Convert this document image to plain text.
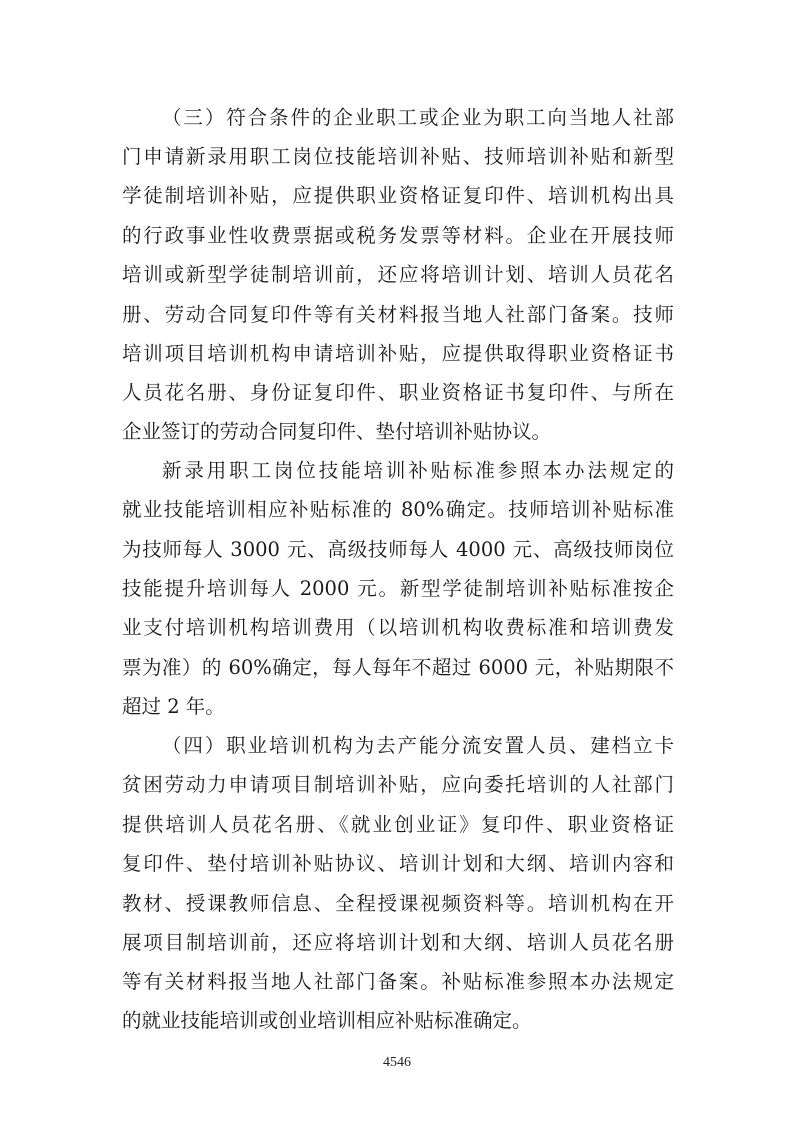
（三）符合条件的企业职工或企业为职工向当地人社部
门申请新录用职工岗位技能培训补贴、技师培训补贴和新型
学徒制培训补贴，应提供职业资格证复印件、培训机构出具
的行政事业性收费票据或税务发票等材料。企业在开展技师
培训或新型学徒制培训前，还应将培训计划、培训人员花名
册、劳动合同复印件等有关材料报当地人社部门备案。技师
培训项目培训机构申请培训补贴，应提供取得职业资格证书
人员花名册、身份证复印件、职业资格证书复印件、与所在
企业签订的劳动合同复印件、垫付培训补贴协议。
新录用职工岗位技能培训补贴标准参照本办法规定的
就业技能培训相应补贴标准的 80%确定。技师培训补贴标准
为技师每人 3000 元、高级技师每人 4000 元、高级技师岗位
技能提升培训每人 2000 元。新型学徒制培训补贴标准按企
业支付培训机构培训费用（以培训机构收费标准和培训费发
票为准）的 60%确定，每人每年不超过 6000 元，补贴期限不
超过 2 年。
（四）职业培训机构为去产能分流安置人员、建档立卡
贫困劳动力申请项目制培训补贴，应向委托培训的人社部门
提供培训人员花名册、《就业创业证》复印件、职业资格证
复印件、垫付培训补贴协议、培训计划和大纲、培训内容和
教材、授课教师信息、全程授课视频资料等。培训机构在开
展项目制培训前，还应将培训计划和大纲、培训人员花名册
等有关材料报当地人社部门备案。补贴标准参照本办法规定
的就业技能培训或创业培训相应补贴标准确定。
4546
